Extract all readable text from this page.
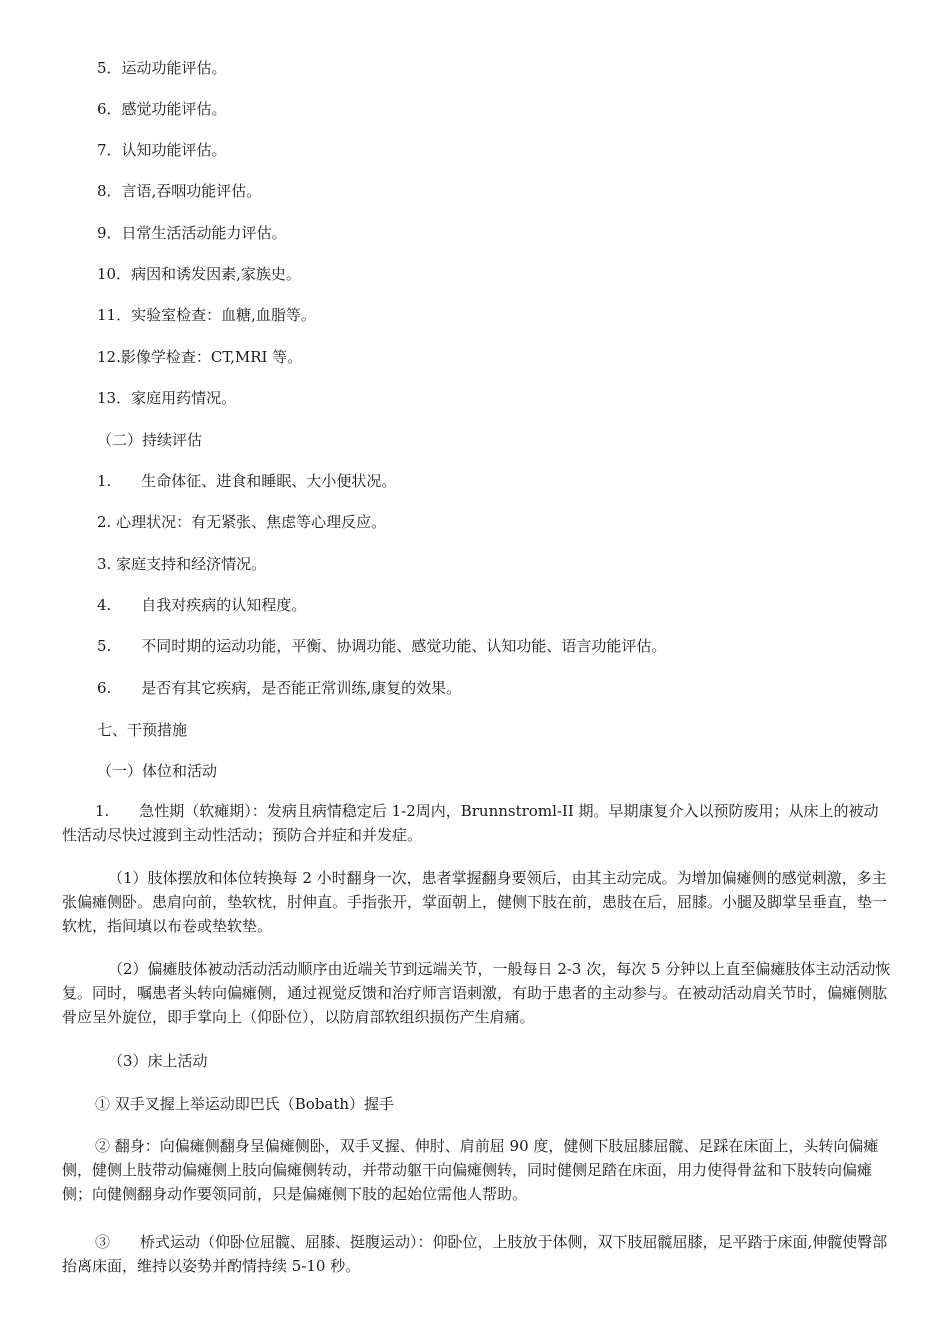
5．运动功能评估。

6．感觉功能评估。

7．认知功能评估。

8．言语,吞咽功能评估。

9．日常生活活动能力评估。

10．病因和诱发因素,家族史。

11．实验室检查：血糖,血脂等。

12.影像学检查：CT,MRI 等。

13．家庭用药情况。

（二）持续评估

1.　　生命体征、进食和睡眠、大小便状况。

2. 心理状况：有无紧张、焦虑等心理反应。

3. 家庭支持和经济情况。

4.　　自我对疾病的认知程度。

5.　　不同时期的运动功能，平衡、协调功能、感觉功能、认知功能、语言功能评估。

6.　　是否有其它疾病，是否能正常训练,康复的效果。

七、干预措施

（一）体位和活动

1.　　急性期（软瘫期）：发病且病情稳定后 1-2周内，Brunnstroml-II 期。早期康复介入以预防废用；从床上的被动性活动尽快过渡到主动性活动；预防合并症和并发症。

（1）肢体摆放和体位转换每 2 小时翻身一次，患者掌握翻身要领后，由其主动完成。为增加偏瘫侧的感觉刺激，多主张偏瘫侧卧。患肩向前，垫软枕，肘伸直。手指张开，掌面朝上，健侧下肢在前，患肢在后，屈膝。小腿及脚掌呈垂直，垫一软枕，指间填以布卷或垫软垫。

（2）偏瘫肢体被动活动活动顺序由近端关节到远端关节，一般每日 2-3 次，每次 5 分钟以上直至偏瘫肢体主动活动恢复。同时，嘱患者头转向偏瘫侧，通过视觉反馈和治疗师言语刺激，有助于患者的主动参与。在被动活动肩关节时，偏瘫侧肱骨应呈外旋位，即手掌向上（仰卧位），以防肩部软组织损伤产生肩痛。

（3）床上活动

① 双手叉握上举运动即巴氏（Bobath）握手

② 翻身：向偏瘫侧翻身呈偏瘫侧卧，双手叉握、伸肘、肩前屈 90 度，健侧下肢屈膝屈髋、足踩在床面上，头转向偏瘫侧，健侧上肢带动偏瘫侧上肢向偏瘫侧转动，并带动躯干向偏瘫侧转，同时健侧足踏在床面，用力使得骨盆和下肢转向偏瘫侧；向健侧翻身动作要领同前，只是偏瘫侧下肢的起始位需他人帮助。

③　　桥式运动（仰卧位屈髋、屈膝、挺腹运动）：仰卧位，上肢放于体侧，双下肢屈髋屈膝，足平踏于床面,伸髋使臀部抬离床面，维持以姿势并酌情持续 5-10 秒。
